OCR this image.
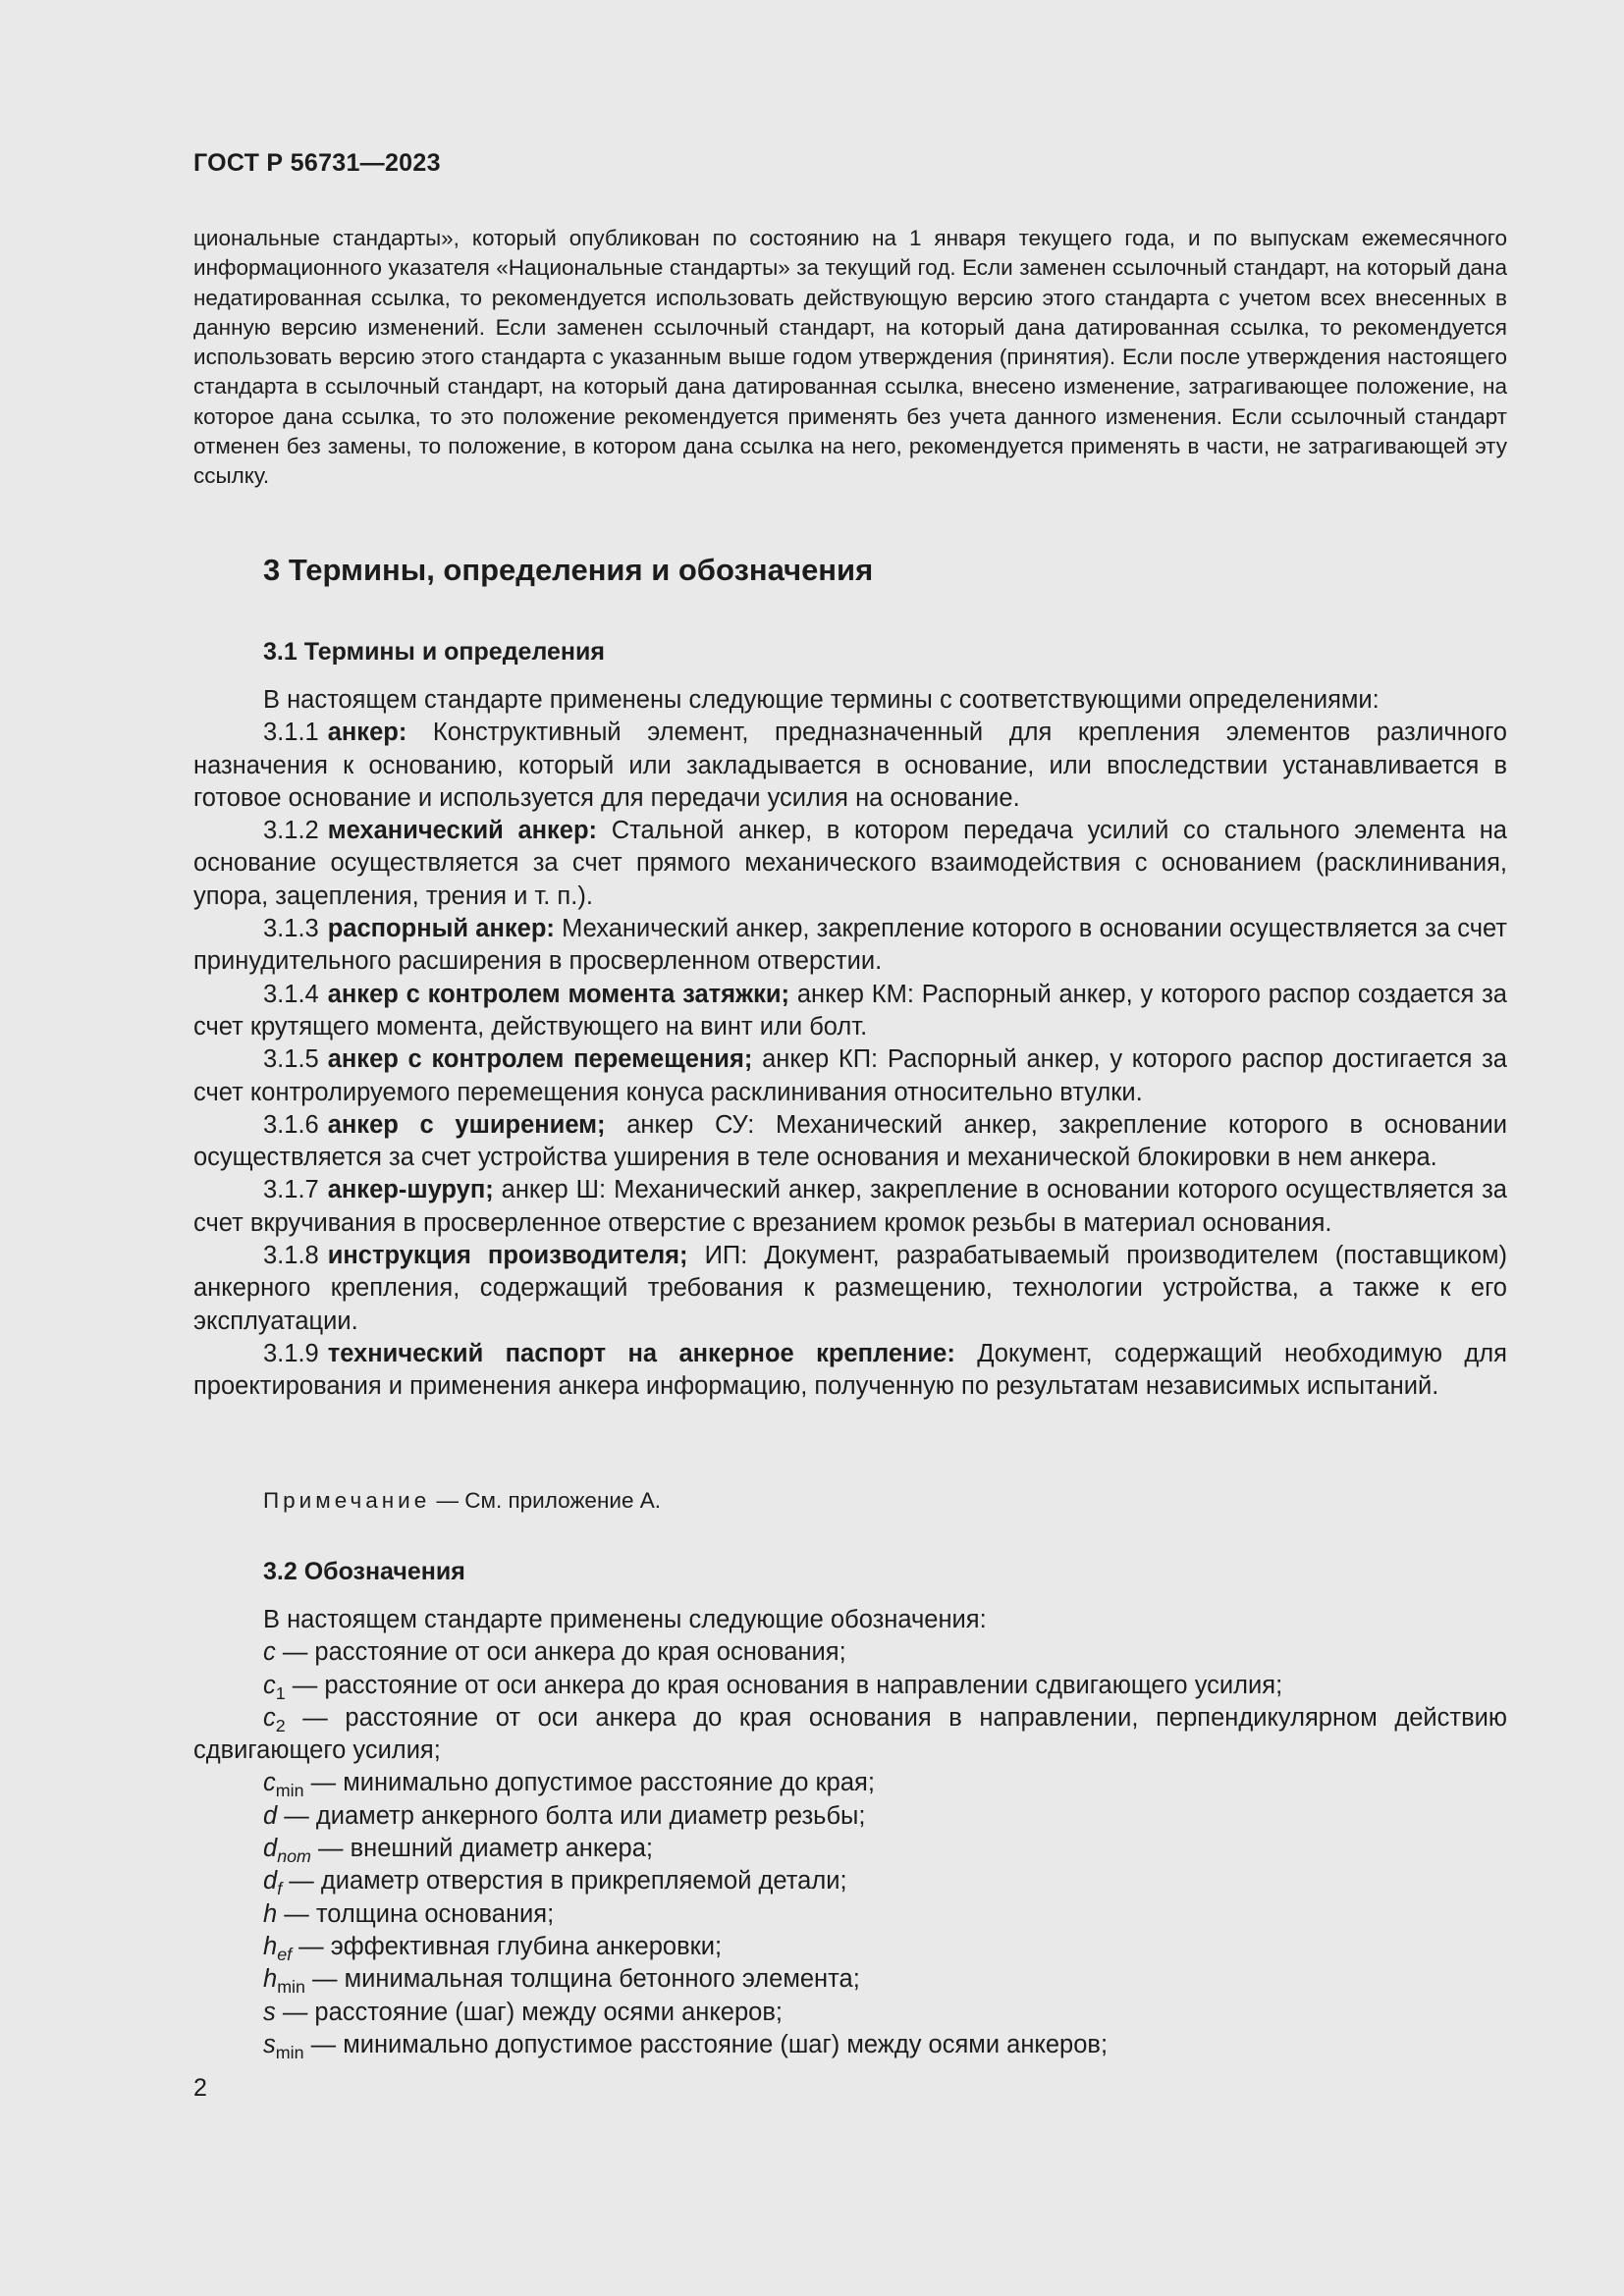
ГОСТ Р 56731—2023
циональные стандарты», который опубликован по состоянию на 1 января текущего года, и по выпускам ежемесячного информационного указателя «Национальные стандарты» за текущий год. Если заменен ссылочный стандарт, на который дана недатированная ссылка, то рекомендуется использовать действующую версию этого стандарта с учетом всех внесенных в данную версию изменений. Если заменен ссылочный стандарт, на который дана датированная ссылка, то рекомендуется использовать версию этого стандарта с указанным выше годом утверждения (принятия). Если после утверждения настоящего стандарта в ссылочный стандарт, на который дана датированная ссылка, внесено изменение, затрагивающее положение, на которое дана ссылка, то это положение рекомендуется применять без учета данного изменения. Если ссылочный стандарт отменен без замены, то положение, в котором дана ссылка на него, рекомендуется применять в части, не затрагивающей эту ссылку.
3 Термины, определения и обозначения
3.1 Термины и определения

В настоящем стандарте применены следующие термины с соответствующими определениями:

3.1.1 анкер: Конструктивный элемент, предназначенный для крепления элементов различного назначения к основанию, который или закладывается в основание, или впоследствии устанавливается в готовое основание и используется для передачи усилия на основание.

3.1.2 механический анкер: Стальной анкер, в котором передача усилий со стального элемента на основание осуществляется за счет прямого механического взаимодействия с основанием (расклинивания, упора, зацепления, трения и т. п.).

3.1.3 распорный анкер: Механический анкер, закрепление которого в основании осуществляется за счет принудительного расширения в просверленном отверстии.

3.1.4 анкер с контролем момента затяжки; анкер КМ: Распорный анкер, у которого распор создается за счет крутящего момента, действующего на винт или болт.

3.1.5 анкер с контролем перемещения; анкер КП: Распорный анкер, у которого распор достигается за счет контролируемого перемещения конуса расклинивания относительно втулки.

3.1.6 анкер с уширением; анкер СУ: Механический анкер, закрепление которого в основании осуществляется за счет устройства уширения в теле основания и механической блокировки в нем анкера.

3.1.7 анкер-шуруп; анкер Ш: Механический анкер, закрепление в основании которого осуществляется за счет вкручивания в просверленное отверстие с врезанием кромок резьбы в материал основания.

3.1.8 инструкция производителя; ИП: Документ, разрабатываемый производителем (поставщиком) анкерного крепления, содержащий требования к размещению, технологии устройства, а также к его эксплуатации.

3.1.9 технический паспорт на анкерное крепление: Документ, содержащий необходимую для проектирования и применения анкера информацию, полученную по результатам независимых испытаний.

Примечание — См. приложение А.
3.2 Обозначения

В настоящем стандарте применены следующие обозначения:

c — расстояние от оси анкера до края основания;

$c_1$ — расстояние от оси анкера до края основания в направлении сдвигающего усилия;

$c_2$ — расстояние от оси анкера до края основания в направлении, перпендикулярном действию сдвигающего усилия;

$c_{min}$ — минимально допустимое расстояние до края;

d — диаметр анкерного болта или диаметр резьбы;

$d_{nom}$ — внешний диаметр анкера;

$d_f$ — диаметр отверстия в прикрепляемой детали;

h — толщина основания;

$h_{ef}$ — эффективная глубина анкеровки;

$h_{min}$ — минимальная толщина бетонного элемента;

s — расстояние (шаг) между осями анкеров;

$s_{min}$ — минимально допустимое расстояние (шаг) между осями анкеров;

2
